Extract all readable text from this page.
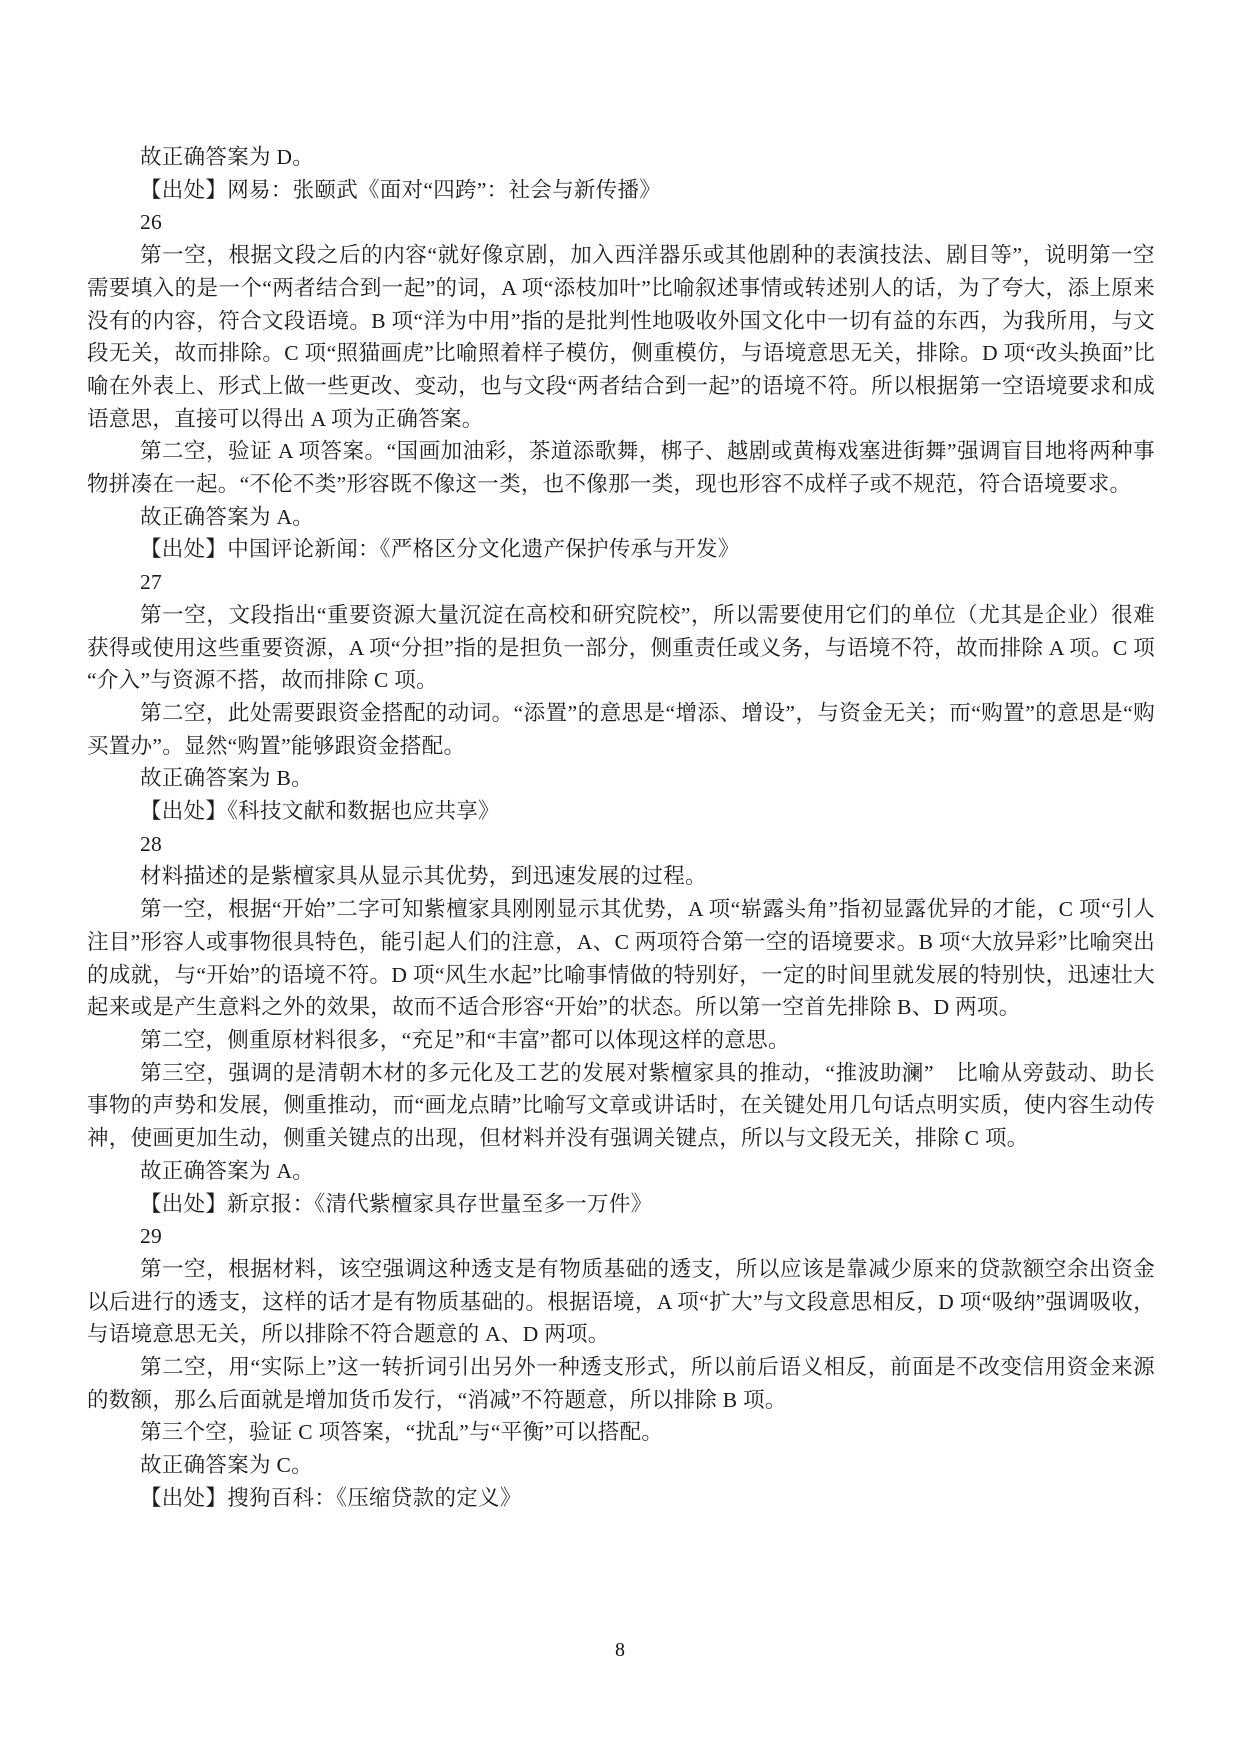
故正确答案为 D。

【出处】网易：张颐武《面对“四跨”：社会与新传播》

26

第一空，根据文段之后的内容“就好像京剧，加入西洋器乐或其他剧种的表演技法、剧目等”，说明第一空需要填入的是一个“两者结合到一起”的词，A 项“添枝加叶”比喻叙述事情或转述别人的话，为了夸大，添上原来没有的内容，符合文段语境。B 项“洋为中用”指的是批判性地吸收外国文化中一切有益的东西，为我所用，与文段无关，故而排除。C 项“照猫画虎”比喻照着样子模仿，侧重模仿，与语境意思无关，排除。D 项“改头换面”比喻在外表上、形式上做一些更改、变动，也与文段“两者结合到一起”的语境不符。所以根据第一空语境要求和成语意思，直接可以得出 A 项为正确答案。

第二空，验证 A 项答案。“国画加油彩，茶道添歌舞，梆子、越剧或黄梅戏塞进街舞”强调盲目地将两种事物拼凑在一起。“不伦不类”形容既不像这一类，也不像那一类，现也形容不成样子或不规范，符合语境要求。

故正确答案为 A。

【出处】中国评论新闻：《严格区分文化遗产保护传承与开发》

27

第一空，文段指出“重要资源大量沉淀在高校和研究院校”，所以需要使用它们的单位（尤其是企业）很难获得或使用这些重要资源，A 项“分担”指的是担负一部分，侧重责任或义务，与语境不符，故而排除 A 项。C 项“介入”与资源不搭，故而排除 C 项。

第二空，此处需要跟资金搭配的动词。“添置”的意思是“增添、增设”，与资金无关；而“购置”的意思是“购买置办”。显然“购置”能够跟资金搭配。

故正确答案为 B。

【出处】《科技文献和数据也应共享》

28

材料描述的是紫檀家具从显示其优势，到迅速发展的过程。

第一空，根据“开始”二字可知紫檀家具刚刚显示其优势，A 项“崭露头角”指初显露优异的才能，C 项“引人注目”形容人或事物很具特色，能引起人们的注意，A、C 两项符合第一空的语境要求。B 项“大放异彩”比喻突出的成就，与“开始”的语境不符。D 项“风生水起”比喻事情做的特别好，一定的时间里就发展的特别快，迅速壮大起来或是产生意料之外的效果，故而不适合形容“开始”的状态。所以第一空首先排除 B、D 两项。

第二空，侧重原材料很多，“充足”和“丰富”都可以体现这样的意思。

第三空，强调的是清朝木材的多元化及工艺的发展对紫檀家具的推动，“推波助澜”　比喻从旁鼓动、助长事物的声势和发展，侧重推动，而“画龙点睛”比喻写文章或讲话时，在关键处用几句话点明实质，使内容生动传神，使画更加生动，侧重关键点的出现，但材料并没有强调关键点，所以与文段无关，排除 C 项。

故正确答案为 A。

【出处】新京报：《清代紫檀家具存世量至多一万件》

29

第一空，根据材料，该空强调这种透支是有物质基础的透支，所以应该是靠减少原来的贷款额空余出资金以后进行的透支，这样的话才是有物质基础的。根据语境，A 项“扩大”与文段意思相反，D 项“吸纳”强调吸收，与语境意思无关，所以排除不符合题意的 A、D 两项。

第二空，用“实际上”这一转折词引出另外一种透支形式，所以前后语义相反，前面是不改变信用资金来源的数额，那么后面就是增加货币发行，“消减”不符题意，所以排除 B 项。

第三个空，验证 C 项答案，“扰乱”与“平衡”可以搭配。

故正确答案为 C。

【出处】搜狗百科：《压缩贷款的定义》

8
